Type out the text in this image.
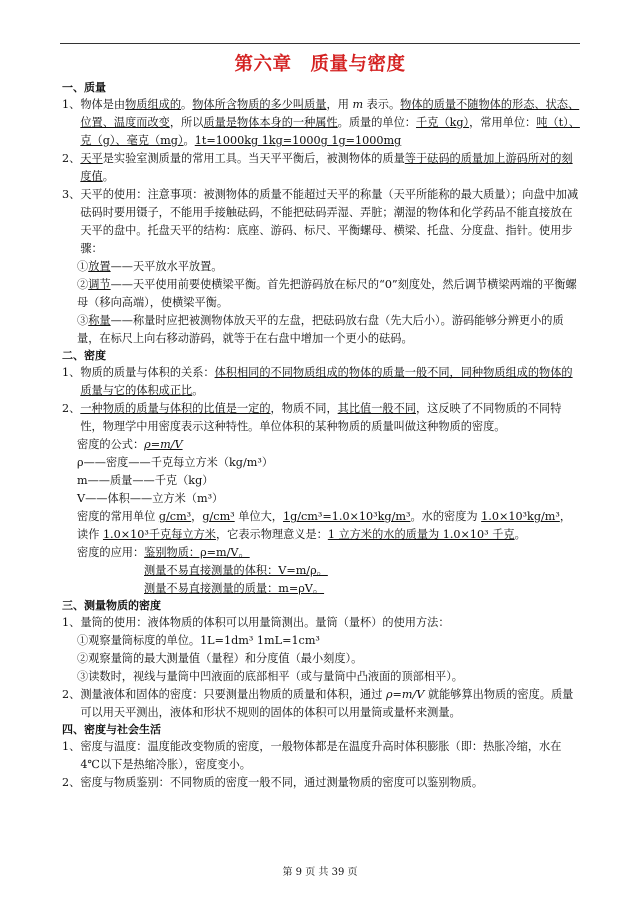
第六章　质量与密度
一、质量
1、 物体是由物质组成的。物体所含物质的多少叫质量，用 m 表示。物体的质量不随物体的形态、状态、位置、温度而改变，所以质量是物体本身的一种属性。质量的单位：千克（kg），常用单位：吨（t）、克（g）、毫克（mg）。1t=1000kg 1kg=1000g 1g=1000mg
2、 天平是实验室测质量的常用工具。当天平平衡后，被测物体的质量等于砝码的质量加上游码所对的刻度值。
3、 天平的使用：注意事项：被测物体的质量不能超过天平的称量（天平所能称的最大质量）；向盘中加减砝码时要用镊子，不能用手接触砝码，不能把砝码弄湿、弄脏；潮湿的物体和化学药品不能直接放在天平的盘中。托盘天平的结构：底座、游码、标尺、平衡螺母、横梁、托盘、分度盘、指针。使用步骤：
①放置——天平放水平放置。
②调节——天平使用前要使横梁平衡。首先把游码放在标尺的“0”刻度处，然后调节横梁两端的平衡螺母（移向高端），使横梁平衡。
③称量——称量时应把被测物体放天平的左盘，把砝码放右盘（先大后小）。游码能够分辨更小的质量，在标尺上向右移动游码，就等于在右盘中增加一个更小的砝码。
二、密度
1、 物质的质量与体积的关系：体积相同的不同物质组成的物体的质量一般不同，同种物质组成的物体的质量与它的体积成正比。
2、 一种物质的质量与体积的比值是一定的，物质不同，其比值一般不同，这反映了不同物质的不同特性，物理学中用密度表示这种特性。单位体积的某种物质的质量叫做这种物质的密度。
密度的公式：ρ=m/V
ρ——密度——千克每立方米（kg/m³）
m——质量——千克（kg）
V——体积——立方米（m³）
密度的常用单位 g/cm³，g/cm³ 单位大，1g/cm³=1.0×10³kg/m³。水的密度为 1.0×10³kg/m³，读作 1.0×10³千克每立方米，它表示物理意义是：1 立方米的水的质量为 1.0×10³ 千克。
密度的应用：鉴别物质：ρ=m/V。
测量不易直接测量的体积：V=m/ρ。
测量不易直接测量的质量：m=ρV。
三、测量物质的密度
1、 量筒的使用：液体物质的体积可以用量筒测出。量筒（量杯）的使用方法：
①观察量筒标度的单位。1L=1dm³ 1mL=1cm³
②观察量筒的最大测量值（量程）和分度值（最小刻度）。
③读数时，视线与量筒中凹液面的底部相平（或与量筒中凸液面的顶部相平）。
2、 测量液体和固体的密度：只要测量出物质的质量和体积，通过 ρ=m/V 就能够算出物质的密度。质量可以用天平测出，液体和形状不规则的固体的体积可以用量筒或量杯来测量。
四、密度与社会生活
1、 密度与温度：温度能改变物质的密度，一般物体都是在温度升高时体积膨胀（即：热胀冷缩，水在 4℃以下是热缩冷胀），密度变小。
2、 密度与物质鉴别：不同物质的密度一般不同，通过测量物质的密度可以鉴别物质。
第 9 页 共 39 页
